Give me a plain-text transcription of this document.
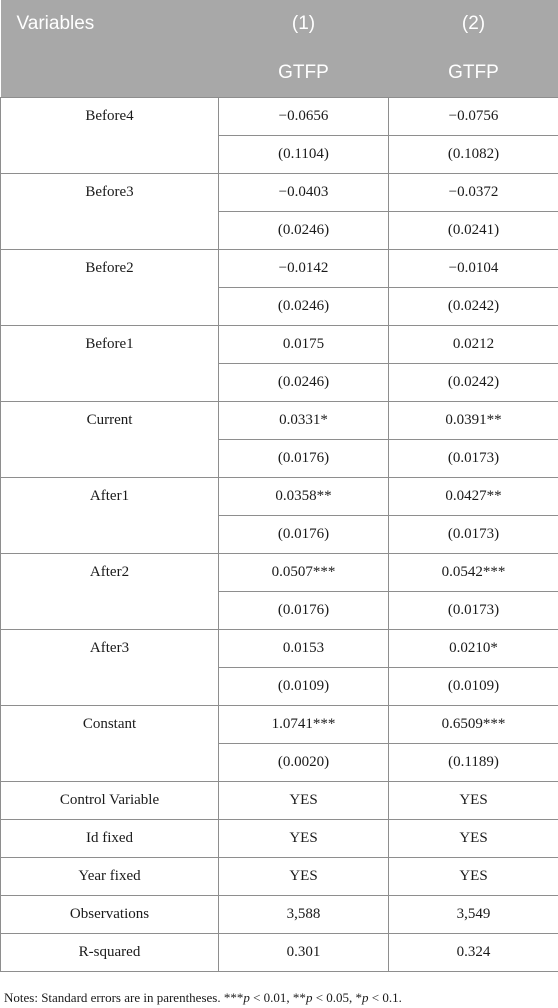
Variables	(1)	(2)
	GTFP	GTFP
Before4	−0.0656	−0.0756
	(0.1104)	(0.1082)
Before3	−0.0403	−0.0372
	(0.0246)	(0.0241)
Before2	−0.0142	−0.0104
	(0.0246)	(0.0242)
Before1	0.0175	0.0212
	(0.0246)	(0.0242)
Current	0.0331*	0.0391**
	(0.0176)	(0.0173)
After1	0.0358**	0.0427**
	(0.0176)	(0.0173)
After2	0.0507***	0.0542***
	(0.0176)	(0.0173)
After3	0.0153	0.0210*
	(0.0109)	(0.0109)
Constant	1.0741***	0.6509***
	(0.0020)	(0.1189)
Control Variable	YES	YES
Id fixed	YES	YES
Year fixed	YES	YES
Observations	3,588	3,549
R-squared	0.301	0.324
Notes: Standard errors are in parentheses. ***p < 0.01, **p < 0.05, *p < 0.1.
